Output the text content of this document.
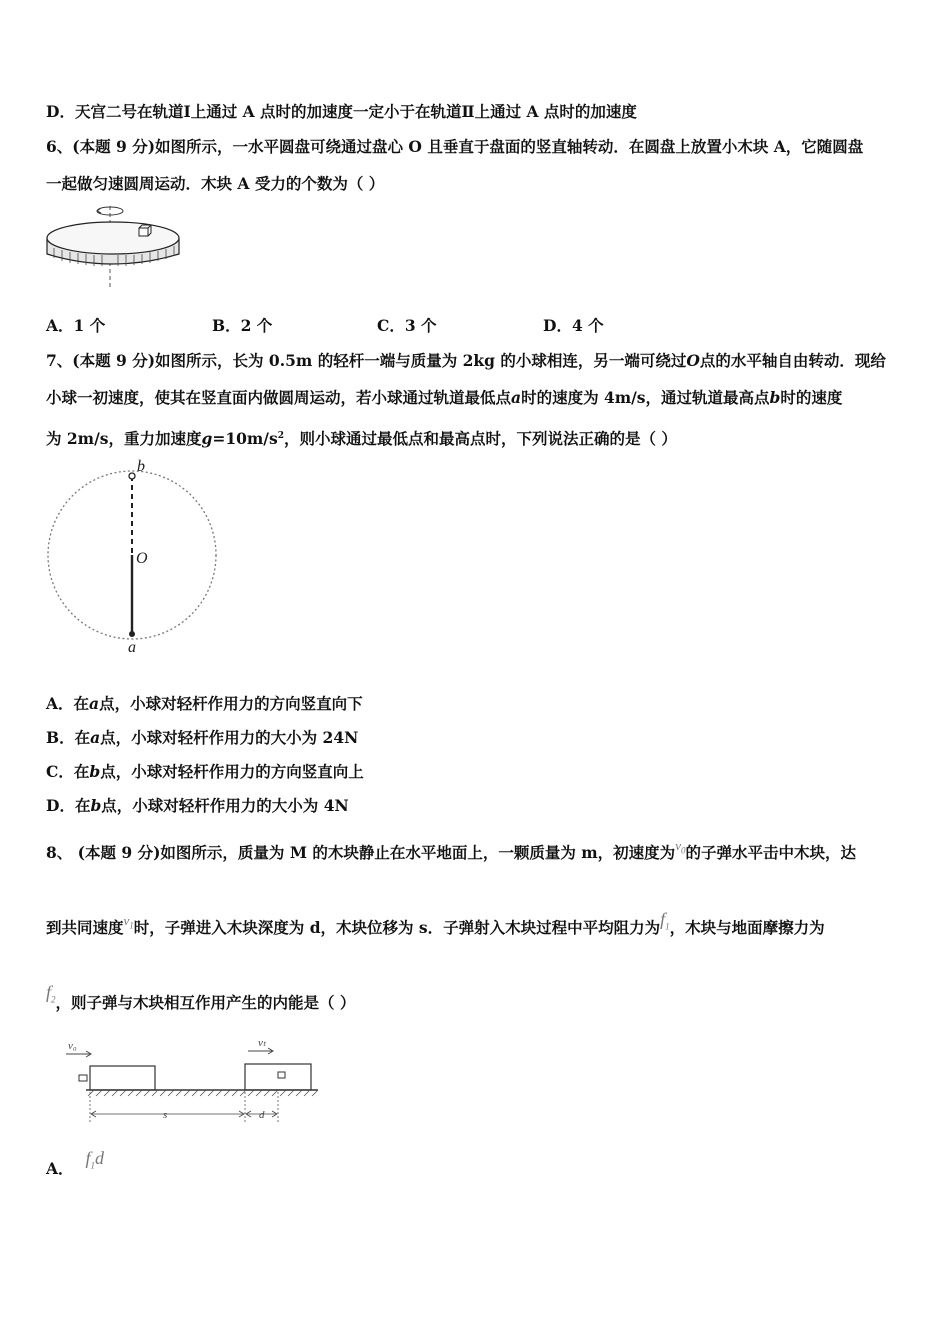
D．天宫二号在轨道Ⅰ上通过 A 点时的加速度一定小于在轨道Ⅱ上通过 A 点时的加速度
6、(本题 9 分)如图所示，一水平圆盘可绕通过盘心 O 且垂直于盘面的竖直轴转动．在圆盘上放置小木块 A，它随圆盘
一起做匀速圆周运动．木块 A 受力的个数为（ ）
A．1 个	B．2 个	C．3 个	D．4 个
7、(本题 9 分)如图所示，长为 0.5m 的轻杆一端与质量为 2kg 的小球相连，另一端可绕过O点的水平轴自由转动．现给
小球一初速度，使其在竖直面内做圆周运动，若小球通过轨道最低点a时的速度为 4m/s，通过轨道最高点b时的速度
为 2m/s，重力加速度$g=10m/s^2$，则小球通过最低点和最高点时，下列说法正确的是（ ）
b
O
a
A．在a点，小球对轻杆作用力的方向竖直向下
B．在a点，小球对轻杆作用力的大小为 24N
C．在b点，小球对轻杆作用力的方向竖直向上
D．在b点，小球对轻杆作用力的大小为 4N
8、 (本题 9 分)如图所示，质量为 M 的木块静止在水平地面上，一颗质量为 m，初速度为$^{v_0}$的子弹水平击中木块，达
到共同速度$^{v_1}$时，子弹进入木块深度为 d，木块位移为 s．子弹射入木块过程中平均阻力为$f_1$，木块与地面摩擦力为
$f_2$，则子弹与木块相互作用产生的内能是（ ）
v₀	vₜ
s	d
A．$f_1d$
